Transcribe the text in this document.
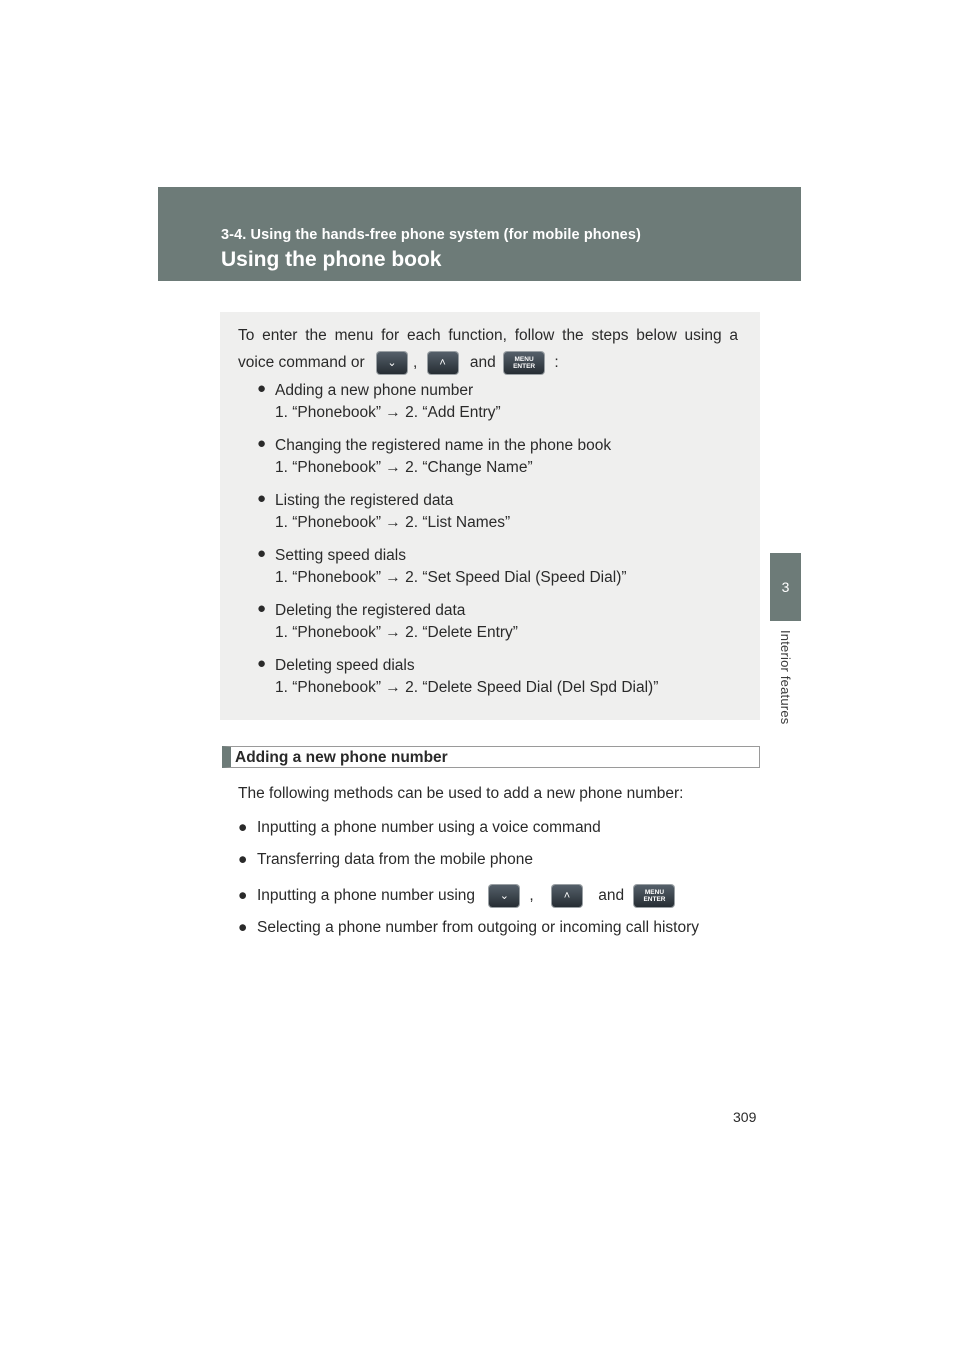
3-4. Using the hands-free phone system (for mobile phones)
Using the phone book
3
Interior features
To enter the menu for each function, follow the steps below using a
voice command or ⌄ , ˄ and	MENU
ENTER :
● Adding a new phone number
1. “Phonebook” → 2. “Add Entry”
● Changing the registered name in the phone book
1. “Phonebook” → 2. “Change Name”
● Listing the registered data
1. “Phonebook” → 2. “List Names”
● Setting speed dials
1. “Phonebook” → 2. “Set Speed Dial (Speed Dial)”
● Deleting the registered data
1. “Phonebook” → 2. “Delete Entry”
● Deleting speed dials
1. “Phonebook” → 2. “Delete Speed Dial (Del Spd Dial)”
Adding a new phone number
The following methods can be used to add a new phone number:
● Inputting a phone number using a voice command
● Transferring data from the mobile phone
● Inputting a phone number using ⌄ ,	˄ and	MENU
ENTER
● Selecting a phone number from outgoing or incoming call history
309
